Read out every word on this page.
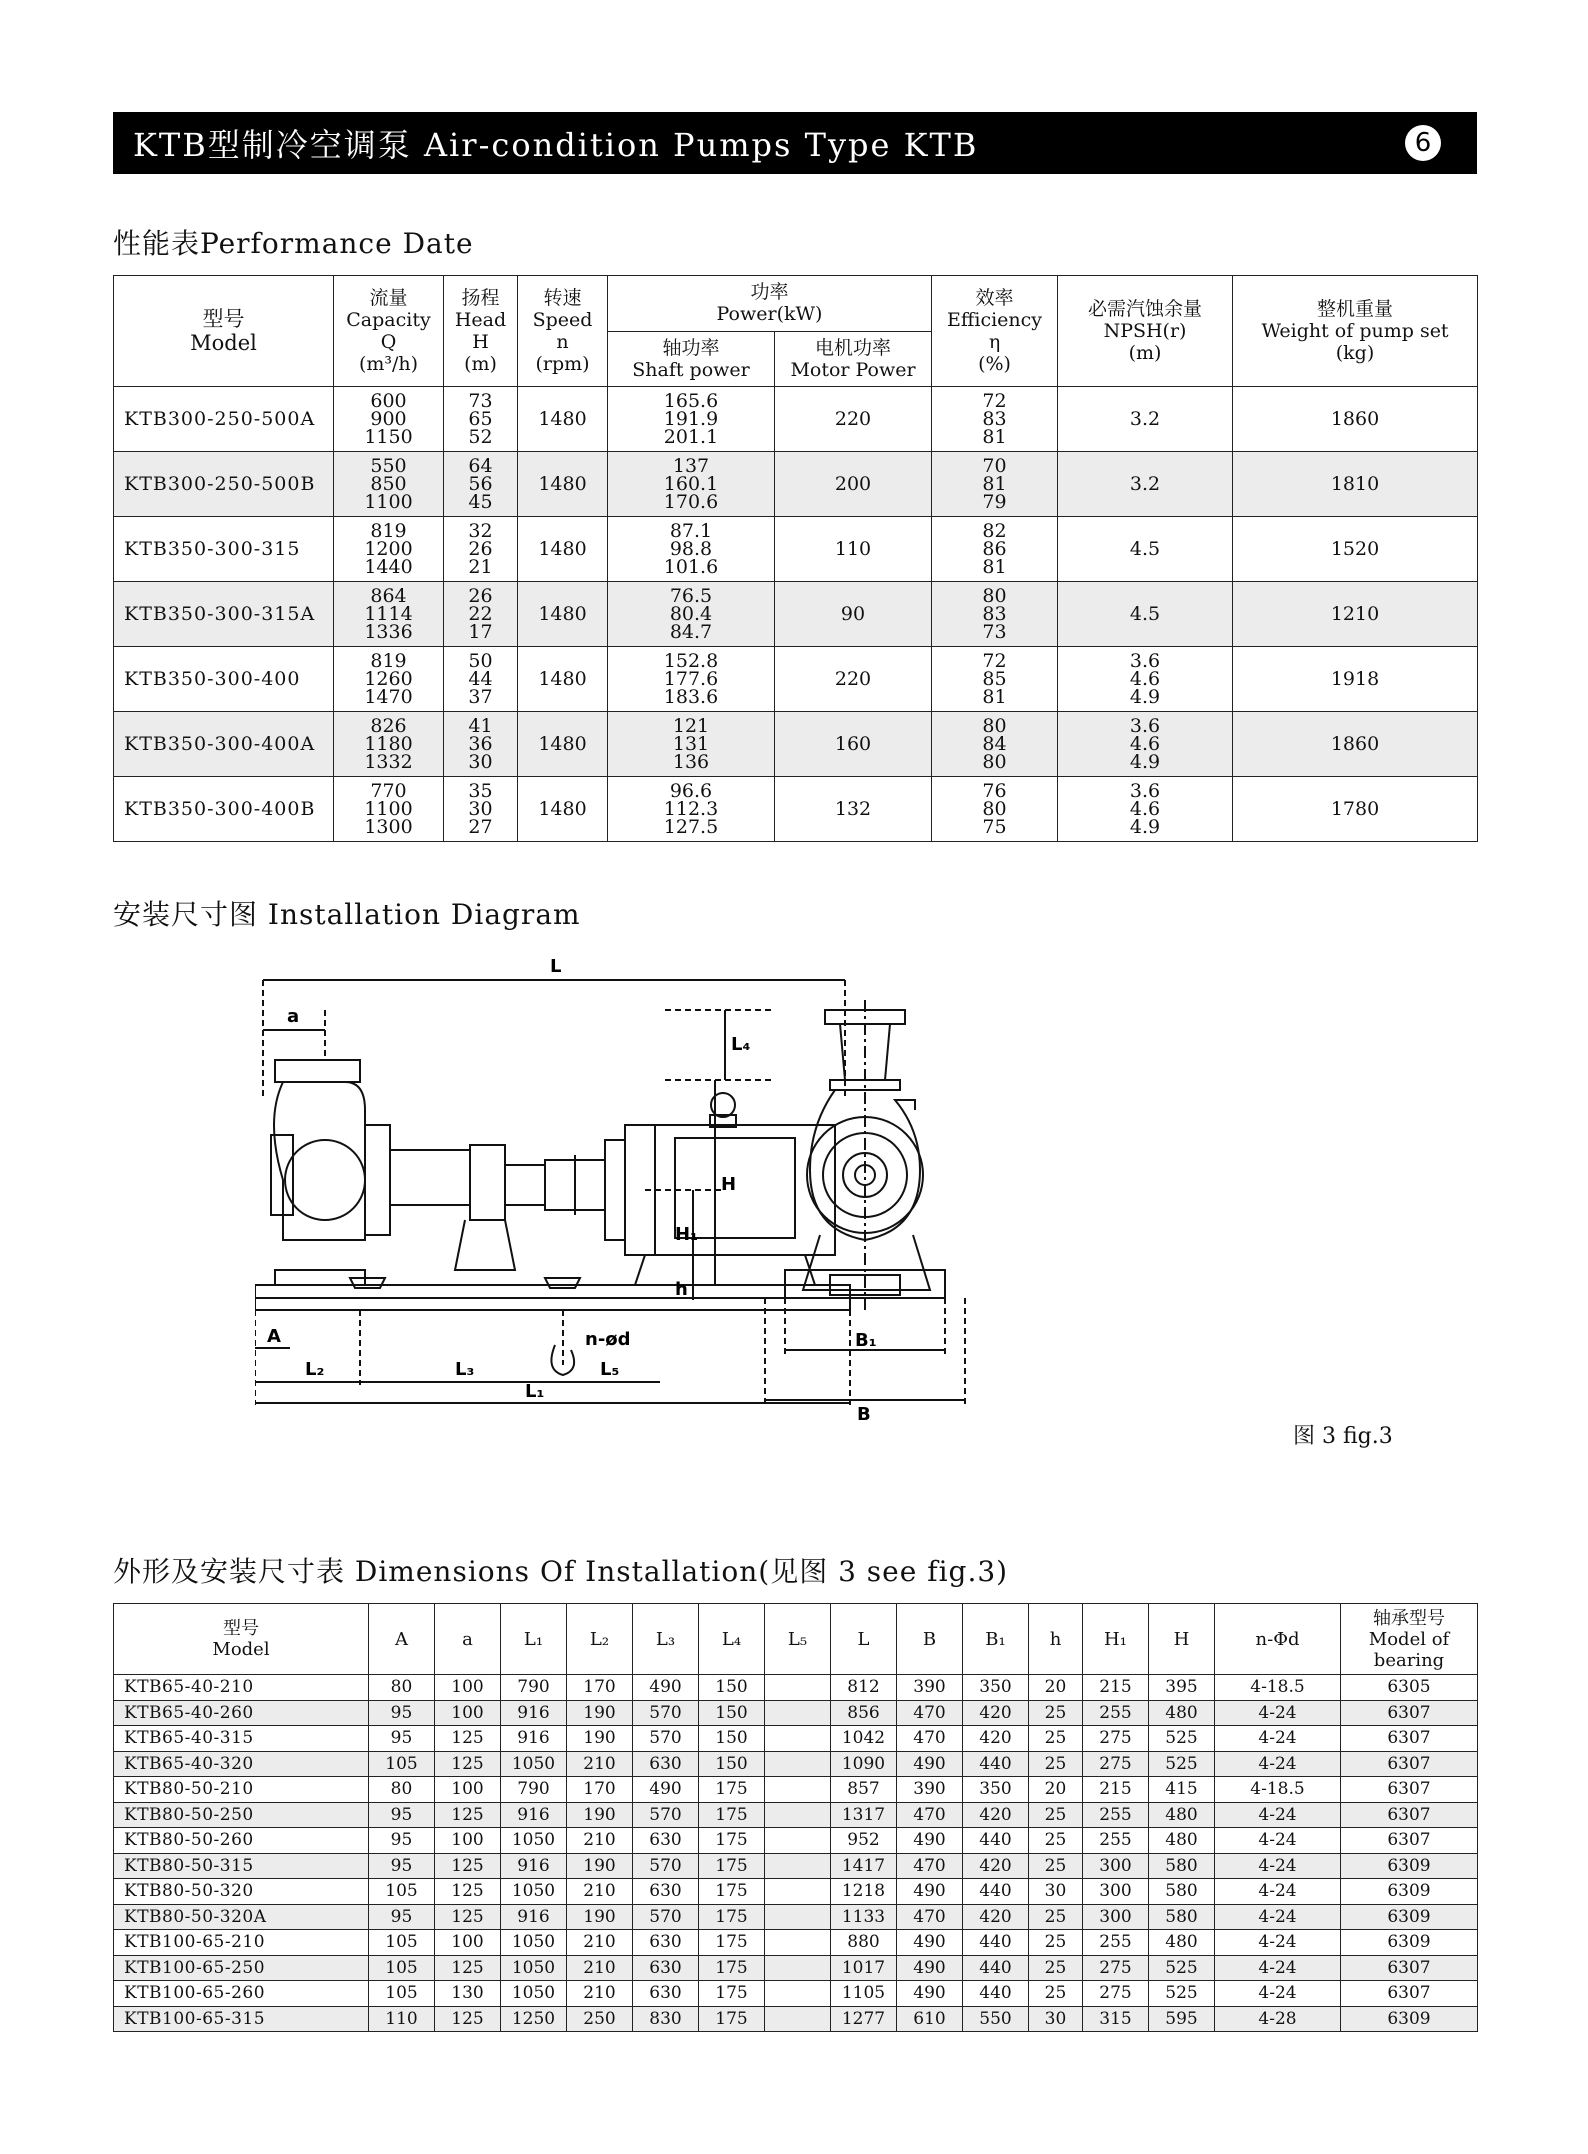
KTB型制冷空调泵 Air-condition Pumps Type KTB	6
性能表Performance Date
型号
Model	流量
Capacity
Q
(m³/h)	扬程
Head
H
(m)	转速
Speed
n
(rpm)	功率
Power(kW)		效率
Efficiency
η
(%)	必需汽蚀余量
NPSH(r)
(m)	整机重量
Weight of pump set
(kg)

				轴功率
Shaft power	电机功率
Motor Power			

KTB300-250-500A	600
900
1150	73
65
52	1480	165.6
191.9
201.1	220	72
83
81	3.2	1860
KTB300-250-500B	550
850
1100	64
56
45	1480	137
160.1
170.6	200	70
81
79	3.2	1810
KTB350-300-315	819
1200
1440	32
26
21	1480	87.1
98.8
101.6	110	82
86
81	4.5	1520
KTB350-300-315A	864
1114
1336	26
22
17	1480	76.5
80.4
84.7	90	80
83
73	4.5	1210
KTB350-300-400	819
1260
1470	50
44
37	1480	152.8
177.6
183.6	220	72
85
81	3.6
4.6
4.9	1918
KTB350-300-400A	826
1180
1332	41
36
30	1480	121
131
136	160	80
84
80	3.6
4.6
4.9	1860
KTB350-300-400B	770
1100
1300	35
30
27	1480	96.6
112.3
127.5	132	76
80
75	3.6
4.6
4.9	1780
安装尺寸图 Installation Diagram
L
a
A
L₂	L₃
L₁
L₅
n-ød
L₄
H
H₁
h
B₁
B
图 3 fig.3
外形及安装尺寸表 Dimensions Of Installation(见图 3 see fig.3)
型号
Model	A	a	L₁	L₂	L₃	L₄	L₅	L	B	B₁	h	H₁	H	n-Φd	轴承型号
Model of
bearing

KTB65-40-210	80	100	790	170	490	150		812	390	350	20	215	395	4-18.5	6305
KTB65-40-260	95	100	916	190	570	150		856	470	420	25	255	480	4-24	6307
KTB65-40-315	95	125	916	190	570	150		1042	470	420	25	275	525	4-24	6307
KTB65-40-320	105	125	1050	210	630	150		1090	490	440	25	275	525	4-24	6307
KTB80-50-210	80	100	790	170	490	175		857	390	350	20	215	415	4-18.5	6307
KTB80-50-250	95	125	916	190	570	175		1317	470	420	25	255	480	4-24	6307
KTB80-50-260	95	100	1050	210	630	175		952	490	440	25	255	480	4-24	6307
KTB80-50-315	95	125	916	190	570	175		1417	470	420	25	300	580	4-24	6309
KTB80-50-320	105	125	1050	210	630	175		1218	490	440	30	300	580	4-24	6309
KTB80-50-320A	95	125	916	190	570	175		1133	470	420	25	300	580	4-24	6309
KTB100-65-210	105	100	1050	210	630	175		880	490	440	25	255	480	4-24	6309
KTB100-65-250	105	125	1050	210	630	175		1017	490	440	25	275	525	4-24	6307
KTB100-65-260	105	130	1050	210	630	175		1105	490	440	25	275	525	4-24	6307
KTB100-65-315	110	125	1250	250	830	175		1277	610	550	30	315	595	4-28	6309
